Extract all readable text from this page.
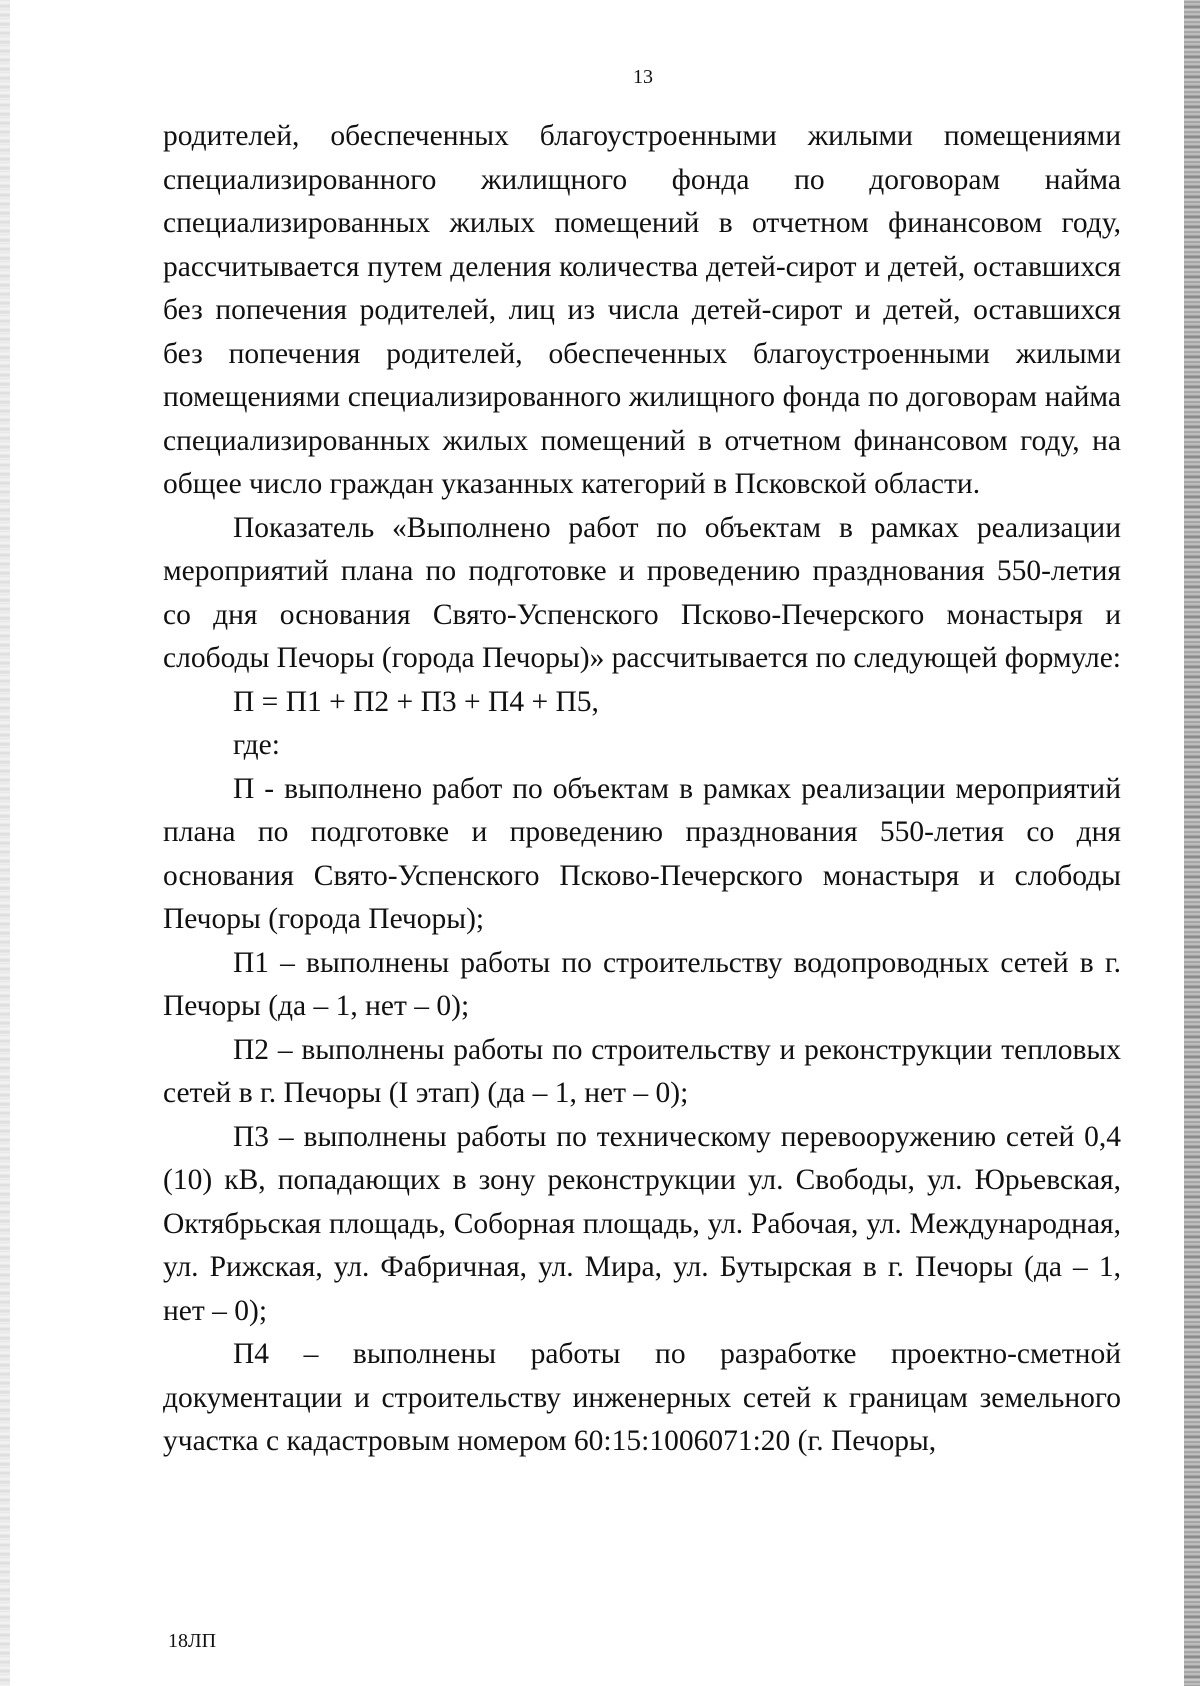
13

родителей, обеспеченных благоустроенными жилыми помещениями специализированного жилищного фонда по договорам найма специализированных жилых помещений в отчетном финансовом году, рассчитывается путем деления количества детей-сирот и детей, оставшихся без попечения родителей, лиц из числа детей-сирот и детей, оставшихся без попечения родителей, обеспеченных благоустроенными жилыми помещениями специализированного жилищного фонда по договорам найма специализированных жилых помещений в отчетном финансовом году, на общее число граждан указанных категорий в Псковской области.

Показатель «Выполнено работ по объектам в рамках реализации мероприятий плана по подготовке и проведению празднования 550-летия со дня основания Свято-Успенского Псково-Печерского монастыря и слободы Печоры (города Печоры)» рассчитывается по следующей формуле:

П = П1 + П2 + П3 + П4 + П5,

где:

П - выполнено работ по объектам в рамках реализации мероприятий плана по подготовке и проведению празднования 550-летия со дня основания Свято-Успенского Псково-Печерского монастыря и слободы Печоры (города Печоры);

П1 – выполнены работы по строительству водопроводных сетей в г. Печоры (да – 1, нет – 0);

П2 – выполнены работы по строительству и реконструкции тепловых сетей в г. Печоры (I этап) (да – 1, нет – 0);

П3 – выполнены работы по техническому перевооружению сетей 0,4 (10) кВ, попадающих в зону реконструкции ул. Свободы, ул. Юрьевская, Октябрьская площадь, Соборная площадь, ул. Рабочая, ул. Международная, ул. Рижская, ул. Фабричная, ул. Мира, ул. Бутырская в г. Печоры (да – 1, нет – 0);

П4 – выполнены работы по разработке проектно-сметной документации и строительству инженерных сетей к границам земельного участка с кадастровым номером 60:15:1006071:20 (г. Печоры,

18ЛП
